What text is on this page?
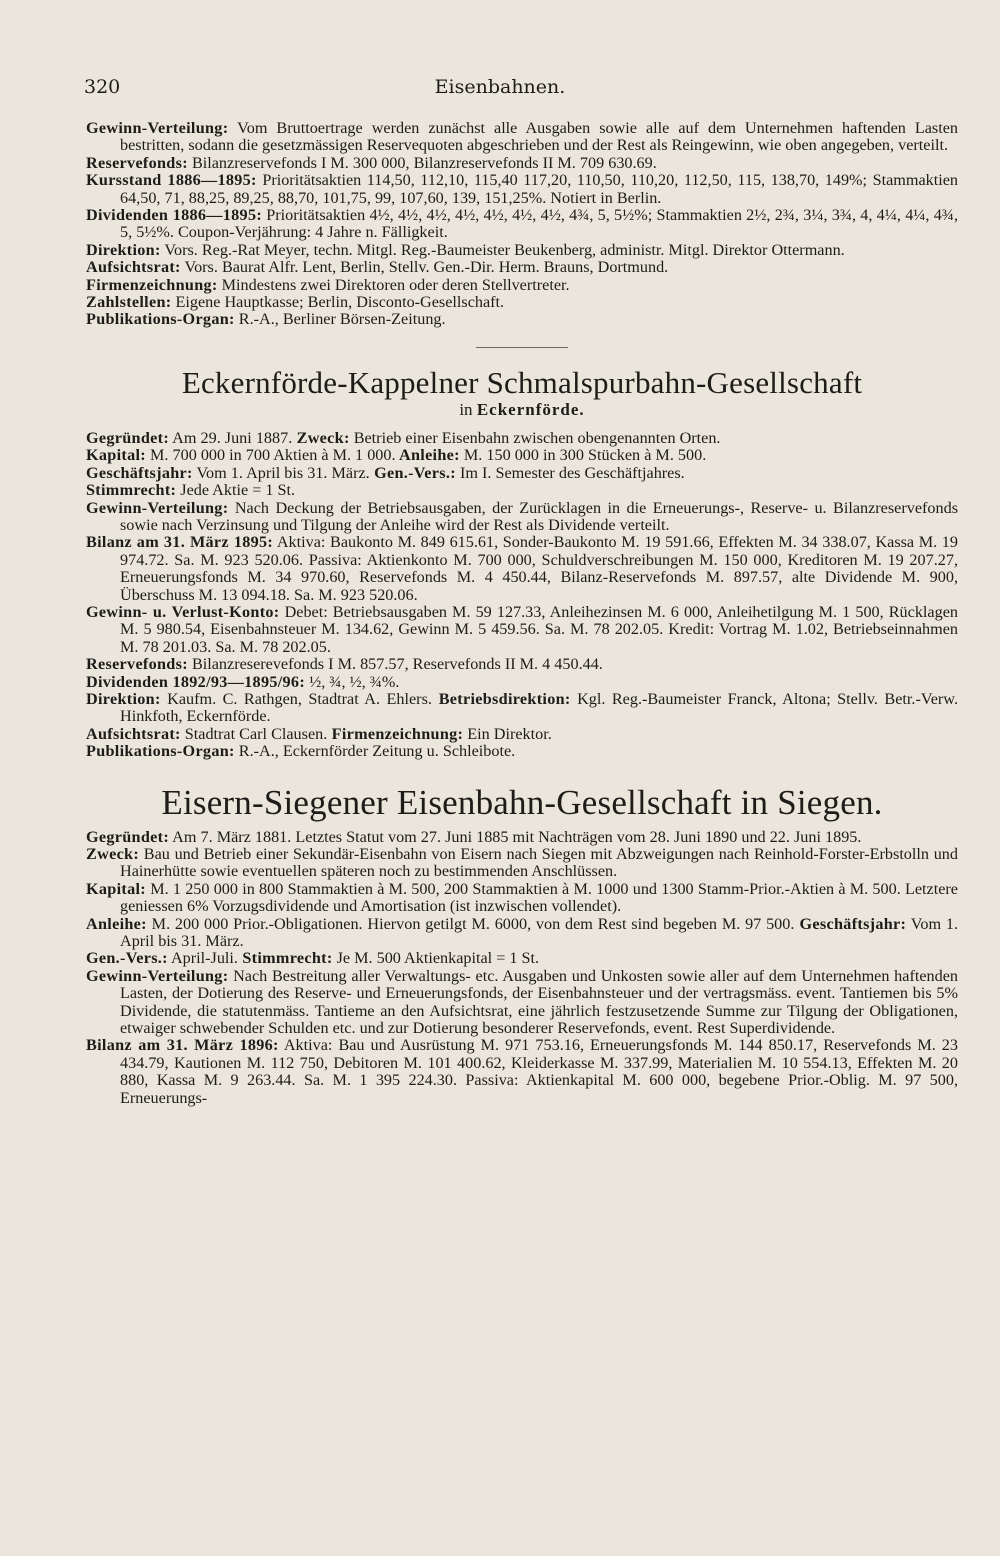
320	Eisenbahnen.

Gewinn-Verteilung: Vom Bruttoertrage werden zunächst alle Ausgaben sowie alle auf dem Unternehmen haftenden Lasten bestritten, sodann die gesetzmässigen Reservequoten abgeschrieben und der Rest als Reingewinn, wie oben angegeben, verteilt.

Reservefonds: Bilanzreservefonds I M. 300 000, Bilanzreservefonds II M. 709 630.69.

Kursstand 1886—1895: Prioritätsaktien 114,50, 112,10, 115,40 117,20, 110,50, 110,20, 112,50, 115, 138,70, 149%; Stammaktien 64,50, 71, 88,25, 89,25, 88,70, 101,75, 99, 107,60, 139, 151,25%. Notiert in Berlin.

Dividenden 1886—1895: Prioritätsaktien 4½, 4½, 4½, 4½, 4½, 4½, 4½, 4¾, 5, 5½%; Stammaktien 2½, 2¾, 3¼, 3¾, 4, 4¼, 4¼, 4¾, 5, 5½%. Coupon-Verjährung: 4 Jahre n. Fälligkeit.

Direktion: Vors. Reg.-Rat Meyer, techn. Mitgl. Reg.-Baumeister Beukenberg, administr. Mitgl. Direktor Ottermann.

Aufsichtsrat: Vors. Baurat Alfr. Lent, Berlin, Stellv. Gen.-Dir. Herm. Brauns, Dortmund.

Firmenzeichnung: Mindestens zwei Direktoren oder deren Stellvertreter.

Zahlstellen: Eigene Hauptkasse; Berlin, Disconto-Gesellschaft.

Publikations-Organ: R.-A., Berliner Börsen-Zeitung.

Eckernförde-Kappelner Schmalspurbahn-Gesellschaft

in Eckernförde.

Gegründet: Am 29. Juni 1887. Zweck: Betrieb einer Eisenbahn zwischen obengenannten Orten.

Kapital: M. 700 000 in 700 Aktien à M. 1 000. Anleihe: M. 150 000 in 300 Stücken à M. 500.

Geschäftsjahr: Vom 1. April bis 31. März. Gen.-Vers.: Im I. Semester des Geschäftjahres.

Stimmrecht: Jede Aktie = 1 St.

Gewinn-Verteilung: Nach Deckung der Betriebsausgaben, der Zurücklagen in die Erneuerungs-, Reserve- u. Bilanzreservefonds sowie nach Verzinsung und Tilgung der Anleihe wird der Rest als Dividende verteilt.

Bilanz am 31. März 1895: Aktiva: Baukonto M. 849 615.61, Sonder-Baukonto M. 19 591.66, Effekten M. 34 338.07, Kassa M. 19 974.72. Sa. M. 923 520.06. Passiva: Aktienkonto M. 700 000, Schuldverschreibungen M. 150 000, Kreditoren M. 19 207.27, Erneuerungsfonds M. 34 970.60, Reservefonds M. 4 450.44, Bilanz-Reservefonds M. 897.57, alte Dividende M. 900, Überschuss M. 13 094.18. Sa. M. 923 520.06.

Gewinn- u. Verlust-Konto: Debet: Betriebsausgaben M. 59 127.33, Anleihezinsen M. 6 000, Anleihetilgung M. 1 500, Rücklagen M. 5 980.54, Eisenbahnsteuer M. 134.62, Gewinn M. 5 459.56. Sa. M. 78 202.05. Kredit: Vortrag M. 1.02, Betriebseinnahmen M. 78 201.03. Sa. M. 78 202.05.

Reservefonds: Bilanzreserevefonds I M. 857.57, Reservefonds II M. 4 450.44.

Dividenden 1892/93—1895/96: ½, ¾, ½, ¾%.

Direktion: Kaufm. C. Rathgen, Stadtrat A. Ehlers. Betriebsdirektion: Kgl. Reg.-Baumeister Franck, Altona; Stellv. Betr.-Verw. Hinkfoth, Eckernförde.

Aufsichtsrat: Stadtrat Carl Clausen. Firmenzeichnung: Ein Direktor.

Publikations-Organ: R.-A., Eckernförder Zeitung u. Schleibote.

Eisern-Siegener Eisenbahn-Gesellschaft in Siegen.

Gegründet: Am 7. März 1881. Letztes Statut vom 27. Juni 1885 mit Nachträgen vom 28. Juni 1890 und 22. Juni 1895.

Zweck: Bau und Betrieb einer Sekundär-Eisenbahn von Eisern nach Siegen mit Abzweigungen nach Reinhold-Forster-Erbstolln und Hainerhütte sowie eventuellen späteren noch zu bestimmenden Anschlüssen.

Kapital: M. 1 250 000 in 800 Stammaktien à M. 500, 200 Stammaktien à M. 1000 und 1300 Stamm-Prior.-Aktien à M. 500. Letztere geniessen 6% Vorzugsdividende und Amortisation (ist inzwischen vollendet).

Anleihe: M. 200 000 Prior.-Obligationen. Hiervon getilgt M. 6000, von dem Rest sind begeben M. 97 500. Geschäftsjahr: Vom 1. April bis 31. März.

Gen.-Vers.: April-Juli. Stimmrecht: Je M. 500 Aktienkapital = 1 St.

Gewinn-Verteilung: Nach Bestreitung aller Verwaltungs- etc. Ausgaben und Unkosten sowie aller auf dem Unternehmen haftenden Lasten, der Dotierung des Reserve- und Erneuerungsfonds, der Eisenbahnsteuer und der vertragsmäss. event. Tantiemen bis 5% Dividende, die statutenmäss. Tantieme an den Aufsichtsrat, eine jährlich festzusetzende Summe zur Tilgung der Obligationen, etwaiger schwebender Schulden etc. und zur Dotierung besonderer Reservefonds, event. Rest Superdividende.

Bilanz am 31. März 1896: Aktiva: Bau und Ausrüstung M. 971 753.16, Erneuerungsfonds M. 144 850.17, Reservefonds M. 23 434.79, Kautionen M. 112 750, Debitoren M. 101 400.62, Kleiderkasse M. 337.99, Materialien M. 10 554.13, Effekten M. 20 880, Kassa M. 9 263.44. Sa. M. 1 395 224.30. Passiva: Aktienkapital M. 600 000, begebene Prior.-Oblig. M. 97 500, Erneuerungs-
